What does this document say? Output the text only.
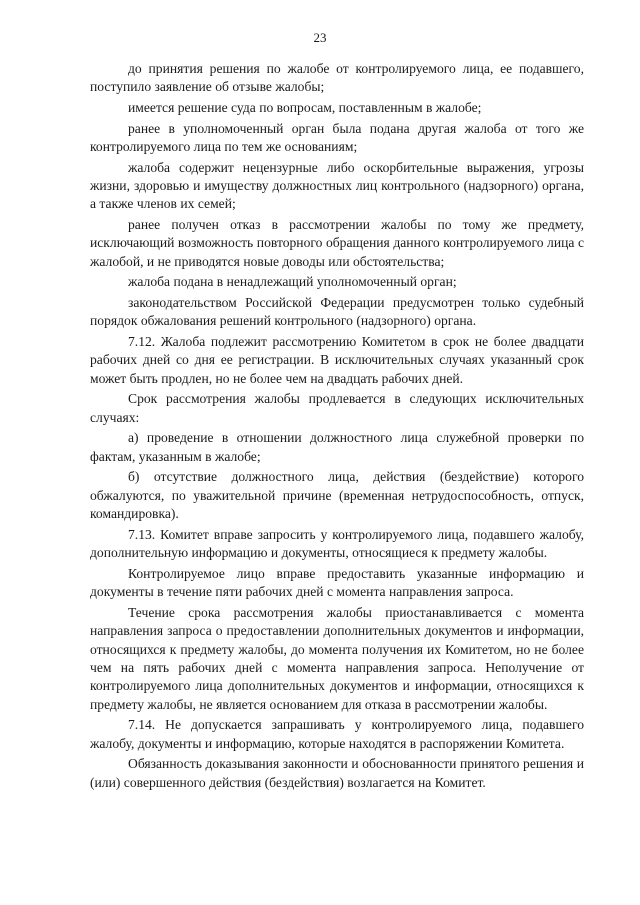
23

до принятия решения по жалобе от контролируемого лица, ее подавшего, поступило заявление об отзыве жалобы;

имеется решение суда по вопросам, поставленным в жалобе;

ранее в уполномоченный орган была подана другая жалоба от того же контролируемого лица по тем же основаниям;

жалоба содержит нецензурные либо оскорбительные выражения, угрозы жизни, здоровью и имуществу должностных лиц контрольного (надзорного) органа, а также членов их семей;

ранее получен отказ в рассмотрении жалобы по тому же предмету, исключающий возможность повторного обращения данного контролируемого лица с жалобой, и не приводятся новые доводы или обстоятельства;

жалоба подана в ненадлежащий уполномоченный орган;

законодательством Российской Федерации предусмотрен только судебный порядок обжалования решений контрольного (надзорного) органа.

7.12. Жалоба подлежит рассмотрению Комитетом в срок не более двадцати рабочих дней со дня ее регистрации. В исключительных случаях указанный срок может быть продлен, но не более чем на двадцать рабочих дней.

Срок рассмотрения жалобы продлевается в следующих исключительных случаях:

а) проведение в отношении должностного лица служебной проверки по фактам, указанным в жалобе;

б) отсутствие должностного лица, действия (бездействие) которого обжалуются, по уважительной причине (временная нетрудоспособность, отпуск, командировка).

7.13. Комитет вправе запросить у контролируемого лица, подавшего жалобу, дополнительную информацию и документы, относящиеся к предмету жалобы.

Контролируемое лицо вправе предоставить указанные информацию и документы в течение пяти рабочих дней с момента направления запроса.

Течение срока рассмотрения жалобы приостанавливается с момента направления запроса о предоставлении дополнительных документов и информации, относящихся к предмету жалобы, до момента получения их Комитетом, но не более чем на пять рабочих дней с момента направления запроса. Неполучение от контролируемого лица дополнительных документов и информации, относящихся к предмету жалобы, не является основанием для отказа в рассмотрении жалобы.

7.14. Не допускается запрашивать у контролируемого лица, подавшего жалобу, документы и информацию, которые находятся в распоряжении Комитета.

Обязанность доказывания законности и обоснованности принятого решения и (или) совершенного действия (бездействия) возлагается на Комитет.
